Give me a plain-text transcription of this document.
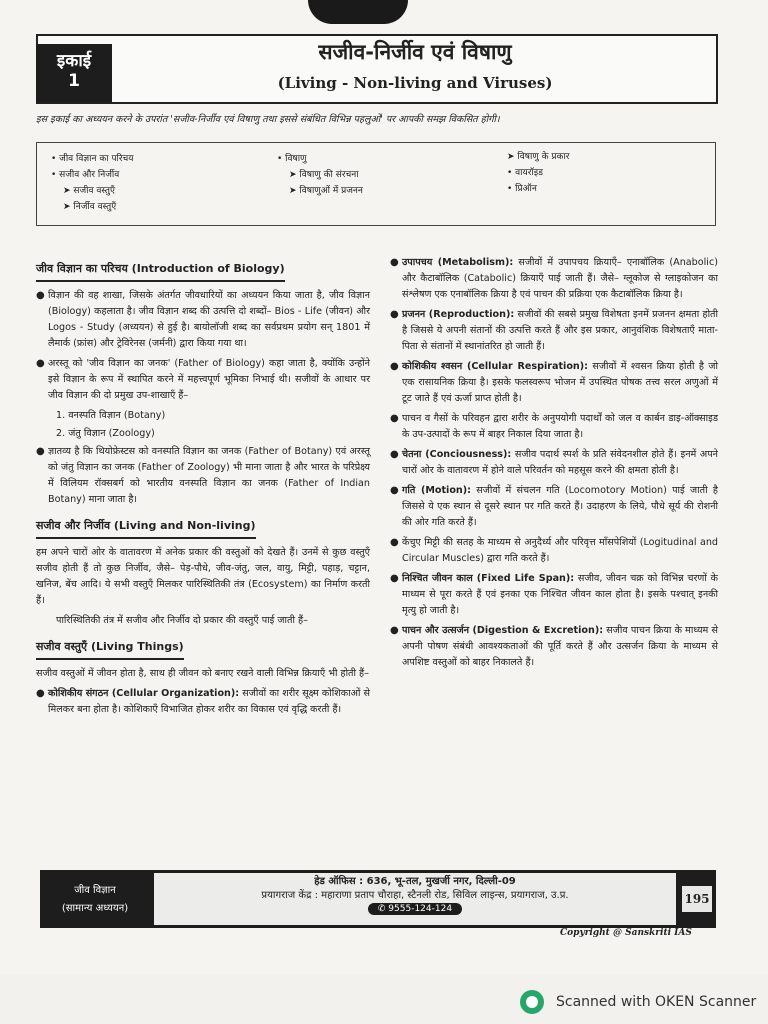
इकाई
1
सजीव-निर्जीव एवं विषाणु
(Living - Non-living and Viruses)
इस इकाई का अध्ययन करने के उपरांत 'सजीव-निर्जीव एवं विषाणु तथा इससे संबंधित विभिन्न पहलुओं' पर आपकी समझ विकसित होगी।
• जीव विज्ञान का परिचय
• सजीव और निर्जीव
➤ सजीव वस्तुएँ
➤ निर्जीव वस्तुएँ
• विषाणु
➤ विषाणु की संरचना
➤ विषाणुओं में प्रजनन
➤ विषाणु के प्रकार
• वायरॉइड
• प्रिऑन
जीव विज्ञान का परिचय (Introduction of Biology)
● विज्ञान की वह शाखा, जिसके अंतर्गत जीवधारियों का अध्ययन किया जाता है, जीव विज्ञान (Biology) कहलाता है। जीव विज्ञान शब्द की उत्पत्ति दो शब्दों– Bios - Life (जीवन) और Logos - Study (अध्ययन) से हुई है। बायोलॉजी शब्द का सर्वप्रथम प्रयोग सन् 1801 में लैमार्क (फ्रांस) और ट्रेविरेनस (जर्मनी) द्वारा किया गया था।
● अरस्तू को 'जीव विज्ञान का जनक' (Father of Biology) कहा जाता है, क्योंकि उन्होंने इसे विज्ञान के रूप में स्थापित करने में महत्त्वपूर्ण भूमिका निभाई थी। सजीवों के आधार पर जीव विज्ञान की दो प्रमुख उप-शाखाएँ हैं–
1. वनस्पति विज्ञान (Botany)
2. जंतु विज्ञान (Zoology)
● ज्ञातव्य है कि थियोफ्रेस्टस को वनस्पति विज्ञान का जनक (Father of Botany) एवं अरस्तू को जंतु विज्ञान का जनक (Father of Zoology) भी माना जाता है और भारत के परिप्रेक्ष्य में विलियम रॉक्सबर्ग को भारतीय वनस्पति विज्ञान का जनक (Father of Indian Botany) माना जाता है।
सजीव और निर्जीव (Living and Non-living)
हम अपने चारों ओर के वातावरण में अनेक प्रकार की वस्तुओं को देखते हैं। उनमें से कुछ वस्तुएँ सजीव होती हैं तो कुछ निर्जीव, जैसे– पेड़-पौधे, जीव-जंतु, जल, वायु, मिट्टी, पहाड़, चट्टान, खनिज, बेंच आदि। ये सभी वस्तुएँ मिलकर पारिस्थितिकी तंत्र (Ecosystem) का निर्माण करती हैं।
पारिस्थितिकी तंत्र में सजीव और निर्जीव दो प्रकार की वस्तुएँ पाई जाती हैं–
सजीव वस्तुएँ (Living Things)
सजीव वस्तुओं में जीवन होता है, साथ ही जीवन को बनाए रखने वाली विभिन्न क्रियाएँ भी होती हैं–
● कोशिकीय संगठन (Cellular Organization): सजीवों का शरीर सूक्ष्म कोशिकाओं से मिलकर बना होता है। कोशिकाएँ विभाजित होकर शरीर का विकास एवं वृद्धि करती हैं।
● उपापचय (Metabolism): सजीवों में उपापचय क्रियाएँ– एनाबॉलिक (Anabolic) और कैटाबॉलिक (Catabolic) क्रियाएँ पाई जाती हैं। जैसे– ग्लूकोज से ग्लाइकोजन का संश्लेषण एक एनाबॉलिक क्रिया है एवं पाचन की प्रक्रिया एक कैटाबॉलिक क्रिया है।
● प्रजनन (Reproduction): सजीवों की सबसे प्रमुख विशेषता इनमें प्रजनन क्षमता होती है जिससे ये अपनी संतानों की उत्पत्ति करते हैं और इस प्रकार, आनुवंशिक विशेषताएँ माता-पिता से संतानों में स्थानांतरित हो जाती हैं।
● कोशिकीय श्वसन (Cellular Respiration): सजीवों में श्वसन क्रिया होती है जो एक रासायनिक क्रिया है। इसके फलस्वरूप भोजन में उपस्थित पोषक तत्त्व सरल अणुओं में टूट जाते हैं एवं ऊर्जा प्राप्त होती है।
● पाचन व गैसों के परिवहन द्वारा शरीर के अनुपयोगी पदार्थों को जल व कार्बन डाइ-ऑक्साइड के उप-उत्पादों के रूप में बाहर निकाल दिया जाता है।
● चेतना (Conciousness): सजीव पदार्थ स्पर्श के प्रति संवेदनशील होते हैं। इनमें अपने चारों ओर के वातावरण में होने वाले परिवर्तन को महसूस करने की क्षमता होती है।
● गति (Motion): सजीवों में संचलन गति (Locomotory Motion) पाई जाती है जिससे ये एक स्थान से दूसरे स्थान पर गति करते हैं। उदाहरण के लिये, पौधे सूर्य की रोशनी की ओर गति करते हैं।
● केंचुए मिट्टी की सतह के माध्यम से अनुदैर्ध्य और परिवृत्त माँसपेशियों (Logitudinal and Circular Muscles) द्वारा गति करते हैं।
● निश्चित जीवन काल (Fixed Life Span): सजीव, जीवन चक्र को विभिन्न चरणों के माध्यम से पूरा करते हैं एवं इनका एक निश्चित जीवन काल होता है। इसके पश्चात् इनकी मृत्यु हो जाती है।
● पाचन और उत्सर्जन (Digestion & Excretion): सजीव पाचन क्रिया के माध्यम से अपनी पोषण संबंधी आवश्यकताओं की पूर्ति करते हैं और उत्सर्जन क्रिया के माध्यम से अपशिष्ट वस्तुओं को बाहर निकालते हैं।
जीव विज्ञान
(सामान्य अध्ययन)
हेड ऑफिस : 636, भू-तल, मुखर्जी नगर, दिल्ली-09
प्रयागराज केंद्र : महाराणा प्रताप चौराहा, स्टैनली रोड, सिविल लाइन्स, प्रयागराज, उ.प्र.
✆ 9555-124-124
195
Copyright @ Sanskriti IAS
Scanned with OKEN Scanner
